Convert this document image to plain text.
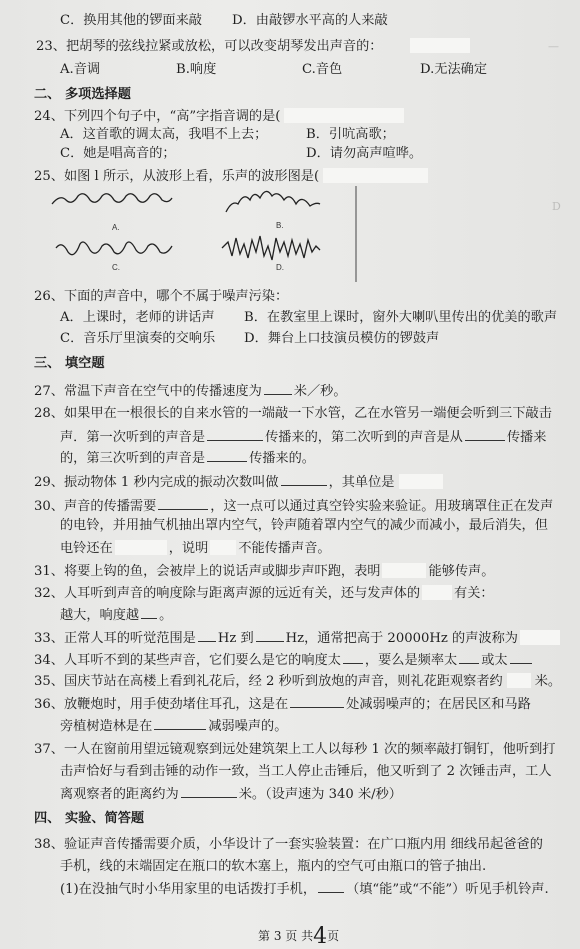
C．换用其他的锣面来敲 D．由敲锣水平高的人来敲
23、把胡琴的弦线拉紧或放松，可以改变胡琴发出声音的：
A.音调	B.响度	C.音色	D.无法确定
二、 多项选择题
24、下列四个句子中，“高”字指音调的是(
A．这首歌的调太高，我唱不上去；	B．引吭高歌；
C．她是唱高音的；	D．请勿高声喧哗。
25、如图 l 所示，从波形上看，乐声的波形图是(
A.	B.
C.	D.
26、下面的声音中，哪个不属于噪声污染：
A．上课时，老师的讲话声 B．在教室里上课时，窗外大喇叭里传出的优美的歌声
C．音乐厅里演奏的交响乐 D．舞台上口技演员模仿的锣鼓声
三、 填空题
27、常温下声音在空气中的传播速度为 米／秒。
28、如果甲在一根很长的自来水管的一端敲一下水管，乙在水管另一端便会听到三下敲击
声．第一次听到的声音是	传播来的，第二次听到的声音是从	传播来
的，第三次听到的声音是	传播来的。
29、振动物体 1 秒内完成的振动次数叫做	，其单位是
30、声音的传播需要	，这一点可以通过真空铃实验来验证。用玻璃罩住正在发声
的电铃，并用抽气机抽出罩内空气，铃声随着罩内空气的减少而减小，最后消失，但
电铃还在	，说明 不能传播声音。
31、将要上钩的鱼，会被岸上的说话声或脚步声吓跑，表明	能够传声。
32、人耳听到声音的响度除与距离声源的远近有关，还与发声体的	有关：
越大，响度越 。
33、正常人耳的听觉范围是 Hz 到 Hz，通常把高于 20000Hz 的声波称为
34、人耳听不到的某些声音，它们要么是它的响度太 ，要么是频率太 或太
35、国庆节站在高楼上看到礼花后，经 2 秒听到放炮的声音，则礼花距观察者约 米。
36、放鞭炮时，用手使劲堵住耳孔，这是在	处减弱噪声的；在居民区和马路
旁植树造林是在	减弱噪声的。
37、一人在窗前用望远镜观察到远处建筑架上工人以每秒 1 次的频率敲打铜钉，他听到打
击声恰好与看到击锤的动作一致，当工人停止击锤后，他又听到了 2 次锤击声，工人
离观察者的距离约为	米。（设声速为 340 米/秒）
四、 实验、简答题
38、验证声音传播需要介质，小华设计了一套实验装置：在广口瓶内用 细线吊起爸爸的
手机，线的末端固定在瓶口的软木塞上，瓶内的空气可由瓶口的管子抽出.
(1)在没抽气时小华用家里的电话拨打手机， （填“能”或“不能”）听见手机铃声.
—
D
第 3 页 共4页
